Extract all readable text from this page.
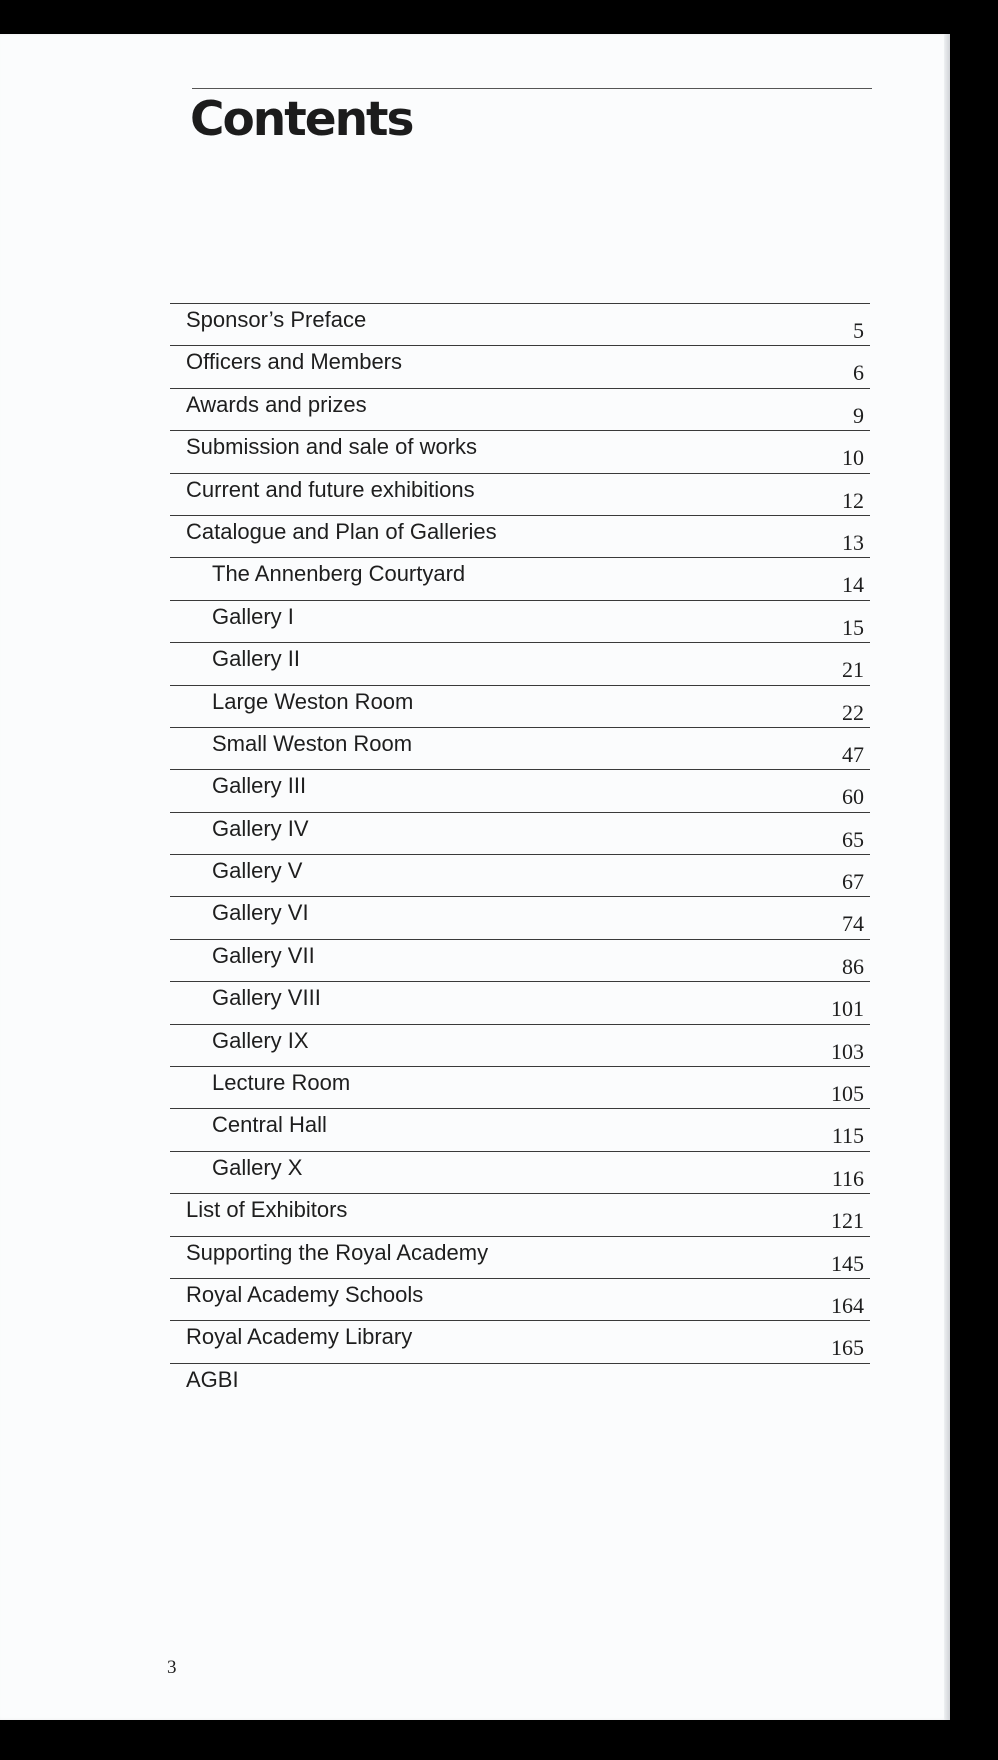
Contents
Sponsor’s Preface	5
Officers and Members	6
Awards and prizes	9
Submission and sale of works	10
Current and future exhibitions	12
Catalogue and Plan of Galleries	13
The Annenberg Courtyard	14
Gallery I	15
Gallery II	21
Large Weston Room	22
Small Weston Room	47
Gallery III	60
Gallery IV	65
Gallery V	67
Gallery VI	74
Gallery VII	86
Gallery VIII	101
Gallery IX	103
Lecture Room	105
Central Hall	115
Gallery X	116
List of Exhibitors	121
Supporting the Royal Academy	145
Royal Academy Schools	164
Royal Academy Library	165
AGBI
3
